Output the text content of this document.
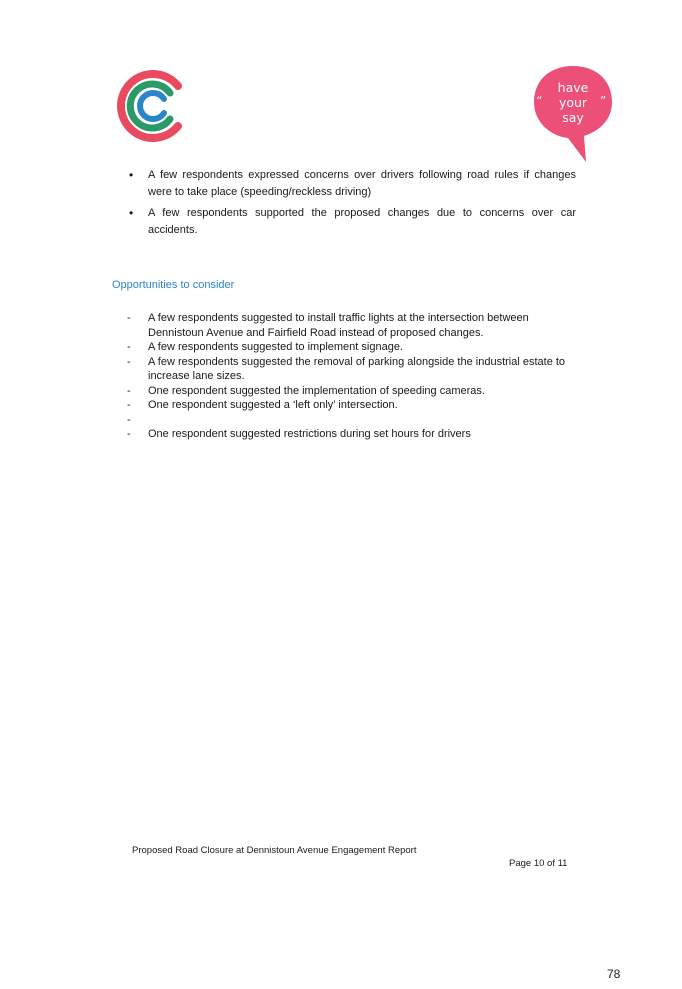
“	”
have
your
say
• A few respondents expressed concerns over drivers following road rules if changes were to take place (speeding/reckless driving)
• A few respondents supported the proposed changes due to concerns over car accidents.
Opportunities to consider
- A few respondents suggested to install traffic lights at the intersection between Dennistoun Avenue and Fairfield Road instead of proposed changes.
- A few respondents suggested to implement signage.
- A few respondents suggested the removal of parking alongside the industrial estate to increase lane sizes.
- One respondent suggested the implementation of speeding cameras.
- One respondent suggested a ‘left only’ intersection.
-
- One respondent suggested restrictions during set hours for drivers
Proposed Road Closure at Dennistoun Avenue Engagement Report
Page 10 of 11
78
